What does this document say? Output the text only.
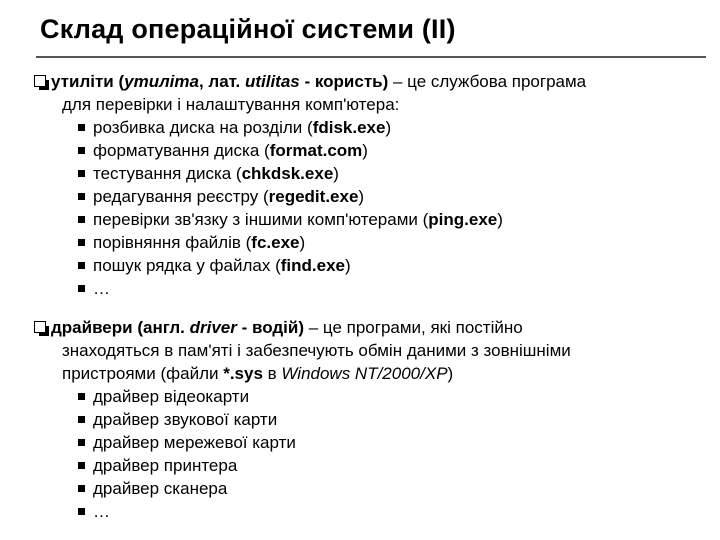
Склад операційної системи (II)
утиліти (утиліта, лат. utilitas - користь) – це службова програма
для перевірки і налаштування комп'ютера:
розбивка диска на розділи (fdisk.exe)
форматування диска (format.com)
тестування диска (chkdsk.exe)
редагування реєстру (regedit.exe)
перевірки зв'язку з іншими комп'ютерами (ping.exe)
порівняння файлів (fc.exe)
пошук рядка у файлах (find.exe)
…
драйвери (англ. driver - водій) – це програми, які постійно
знаходяться в пам'яті і забезпечують обмін даними з зовнішніми
пристроями (файли *.sys в Windows NT/2000/XP)
драйвер відеокарти
драйвер звукової карти
драйвер мережевої карти
драйвер принтера
драйвер сканера
…
